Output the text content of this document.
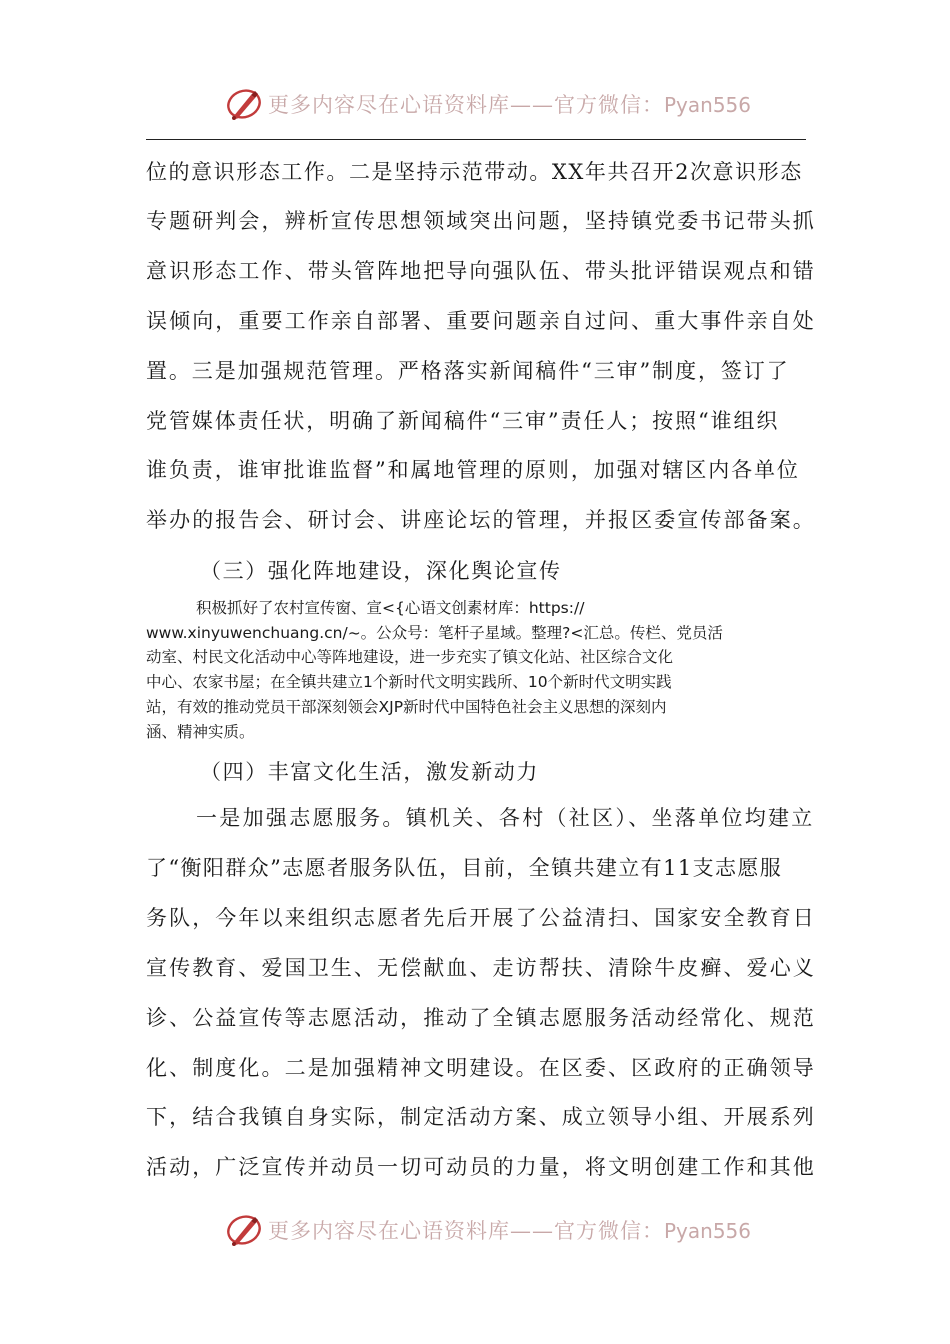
更多内容尽在心语资料库——官方微信：Pyan556
位的意识形态工作。二是坚持示范带动。XX年共召开2次意识形态
专题研判会，辨析宣传思想领域突出问题，坚持镇党委书记带头抓
意识形态工作、带头管阵地把导向强队伍、带头批评错误观点和错
误倾向，重要工作亲自部署、重要问题亲自过问、重大事件亲自处
置。三是加强规范管理。严格落实新闻稿件“三审”制度，签订了
党管媒体责任状，明确了新闻稿件“三审”责任人；按照“谁组织
谁负责，谁审批谁监督”和属地管理的原则，加强对辖区内各单位
举办的报告会、研讨会、讲座论坛的管理，并报区委宣传部备案。
（三）强化阵地建设，深化舆论宣传
积极抓好了农村宣传窗、宣<{心语文创素材库：https://
www.xinyuwenchuang.cn/~。公众号：笔杆子星域。整理?<汇总。传栏、党员活
动室、村民文化活动中心等阵地建设，进一步充实了镇文化站、社区综合文化
中心、农家书屋；在全镇共建立1个新时代文明实践所、10个新时代文明实践
站，有效的推动党员干部深刻领会XJP新时代中国特色社会主义思想的深刻内
涵、精神实质。
（四）丰富文化生活，激发新动力
一是加强志愿服务。镇机关、各村（社区）、坐落单位均建立
了“衡阳群众”志愿者服务队伍，目前，全镇共建立有11支志愿服
务队，今年以来组织志愿者先后开展了公益清扫、国家安全教育日
宣传教育、爱国卫生、无偿献血、走访帮扶、清除牛皮癣、爱心义
诊、公益宣传等志愿活动，推动了全镇志愿服务活动经常化、规范
化、制度化。二是加强精神文明建设。在区委、区政府的正确领导
下，结合我镇自身实际，制定活动方案、成立领导小组、开展系列
活动，广泛宣传并动员一切可动员的力量，将文明创建工作和其他
更多内容尽在心语资料库——官方微信：Pyan556
